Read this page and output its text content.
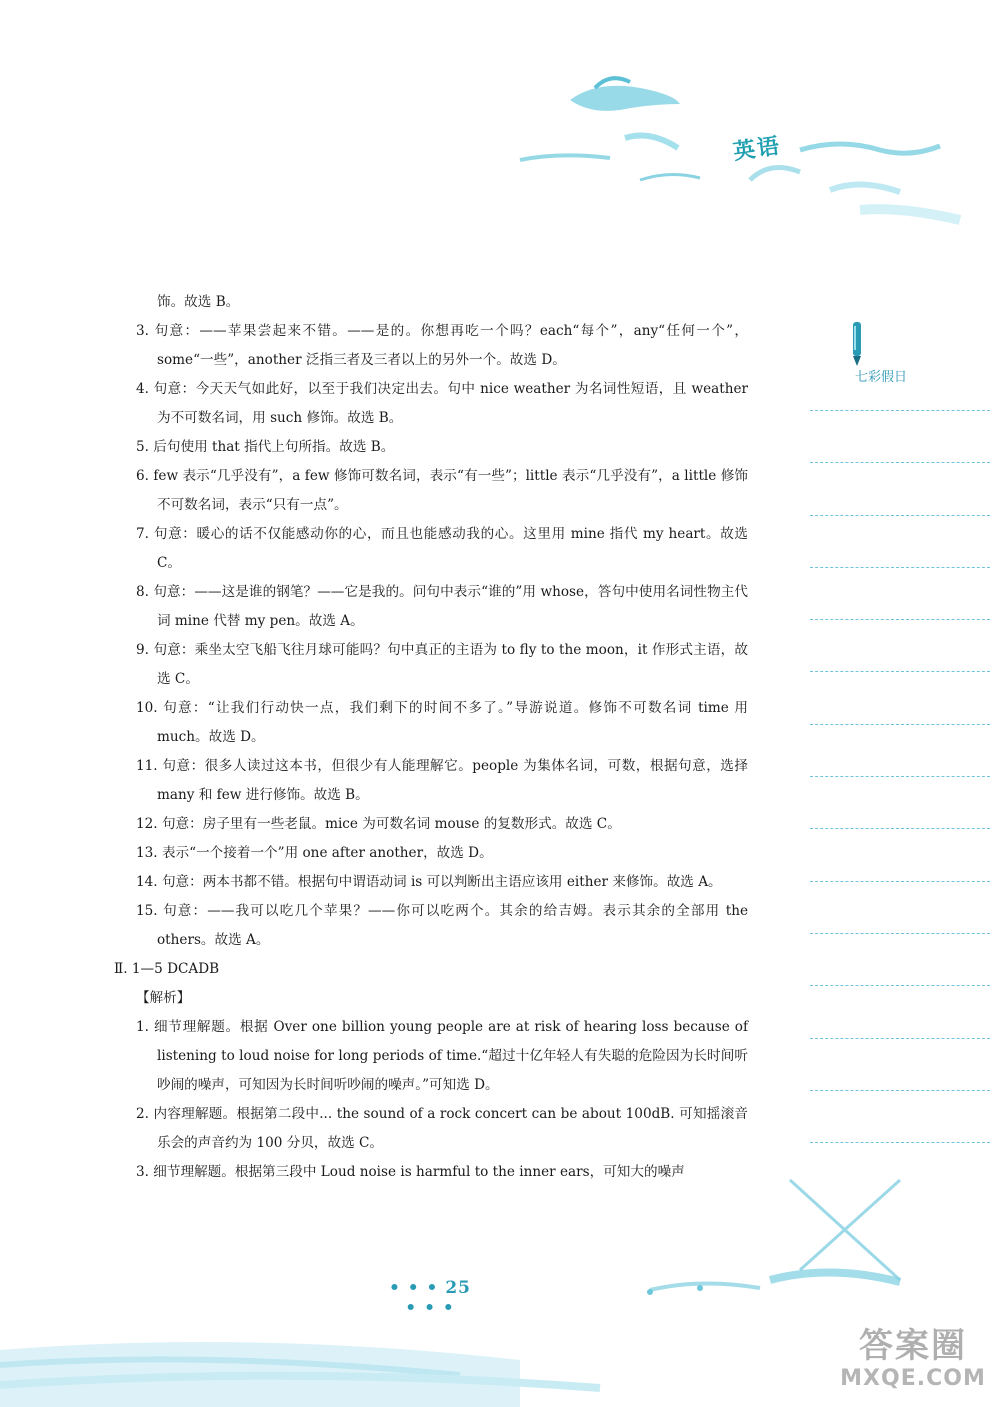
英语
七彩假日
饰。故选 B。
3. 句意：——苹果尝起来不错。——是的。你想再吃一个吗？each“每个”，any“任何一个”，some“一些”，another 泛指三者及三者以上的另外一个。故选 D。
4. 句意：今天天气如此好，以至于我们决定出去。句中 nice weather 为名词性短语，且 weather 为不可数名词，用 such 修饰。故选 B。
5. 后句使用 that 指代上句所指。故选 B。
6. few 表示“几乎没有”，a few 修饰可数名词，表示“有一些”；little 表示“几乎没有”，a little 修饰不可数名词，表示“只有一点”。
7. 句意：暖心的话不仅能感动你的心，而且也能感动我的心。这里用 mine 指代 my heart。故选 C。
8. 句意：——这是谁的钢笔？——它是我的。问句中表示“谁的”用 whose，答句中使用名词性物主代词 mine 代替 my pen。故选 A。
9. 句意：乘坐太空飞船飞往月球可能吗？句中真正的主语为 to fly to the moon，it 作形式主语，故选 C。
10. 句意：“让我们行动快一点，我们剩下的时间不多了。”导游说道。修饰不可数名词 time 用 much。故选 D。
11. 句意：很多人读过这本书，但很少有人能理解它。people 为集体名词，可数，根据句意，选择 many 和 few 进行修饰。故选 B。
12. 句意：房子里有一些老鼠。mice 为可数名词 mouse 的复数形式。故选 C。
13. 表示“一个接着一个”用 one after another，故选 D。
14. 句意：两本书都不错。根据句中谓语动词 is 可以判断出主语应该用 either 来修饰。故选 A。
15. 句意：——我可以吃几个苹果？——你可以吃两个。其余的给吉姆。表示其余的全部用 the others。故选 A。
Ⅱ. 1—5 DCADB
【解析】
1. 细节理解题。根据 Over one billion young people are at risk of hearing loss because of listening to loud noise for long periods of time.“超过十亿年轻人有失聪的危险因为长时间听吵闹的噪声，可知因为长时间听吵闹的噪声。”可知选 D。
2. 内容理解题。根据第二段中... the sound of a rock concert can be about 100dB. 可知摇滚音乐会的声音约为 100 分贝，故选 C。
3. 细节理解题。根据第三段中 Loud noise is harmful to the inner ears，可知大的噪声
• • • 25 • • •
答案圈
MXQE.COM
